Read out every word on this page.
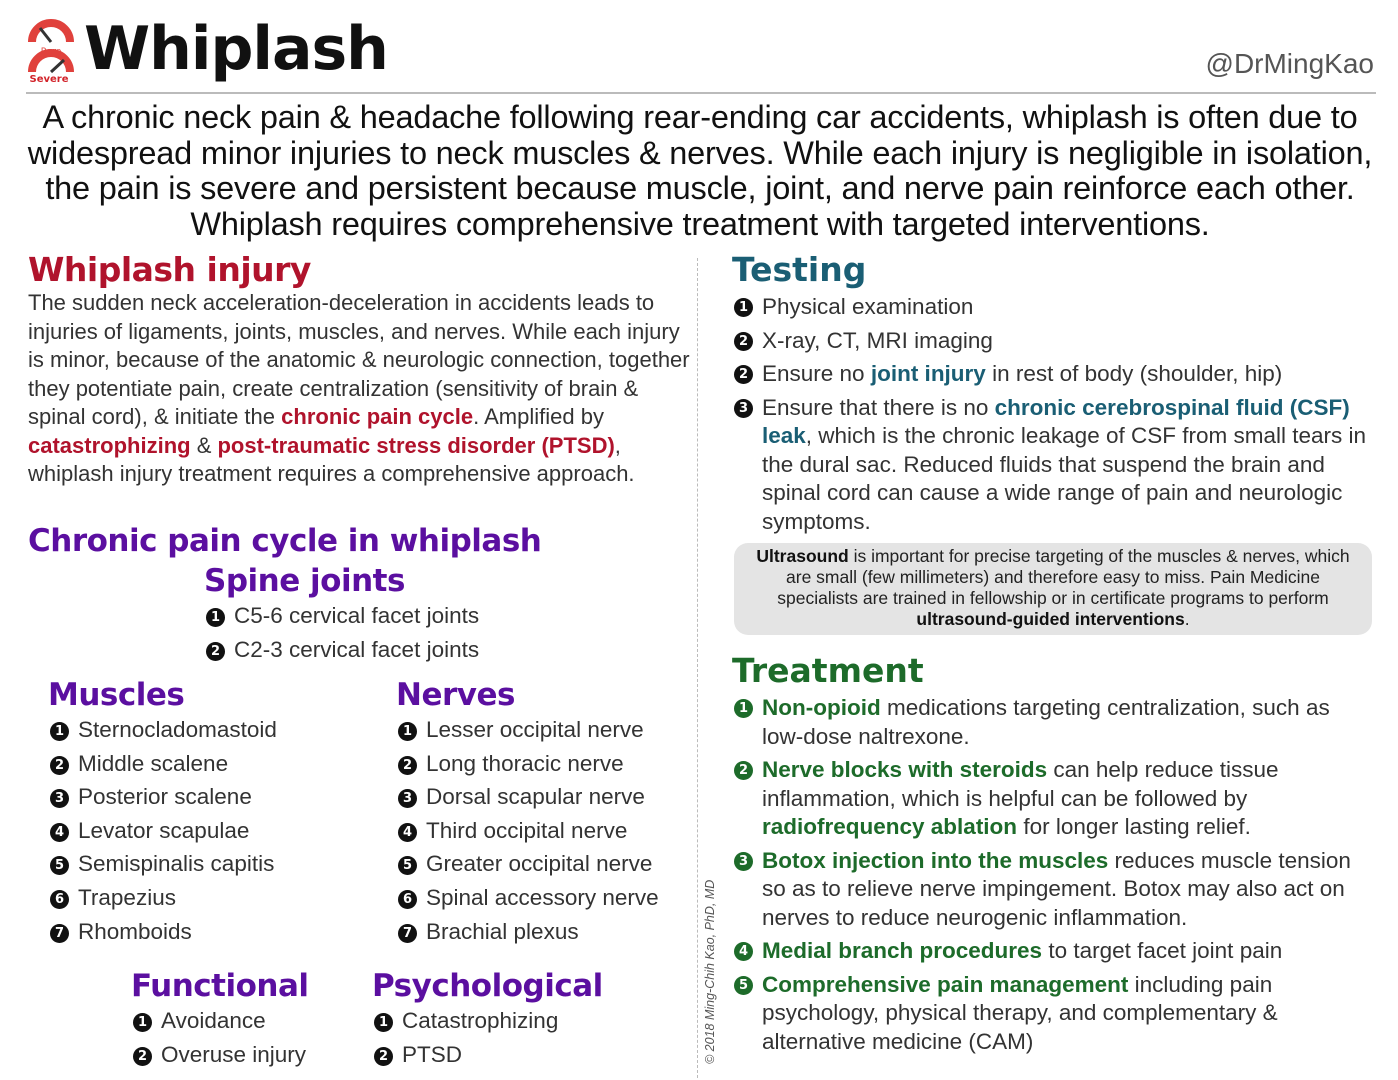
Rare
Severe Whiplash	@DrMingKao
A chronic neck pain & headache following rear-ending car accidents, whiplash is often due to widespread minor injuries to neck muscles & nerves. While each injury is negligible in isolation, the pain is severe and persistent because muscle, joint, and nerve pain reinforce each other. Whiplash requires comprehensive treatment with targeted interventions.
Whiplash injury
The sudden neck acceleration-deceleration in accidents leads to injuries of ligaments, joints, muscles, and nerves. While each injury is minor, because of the anatomic & neurologic connection, together they potentiate pain, create centralization (sensitivity of brain & spinal cord), & initiate the chronic pain cycle. Amplified by catastrophizing & post-traumatic stress disorder (PTSD), whiplash injury treatment requires a comprehensive approach.
Chronic pain cycle in whiplash
Spine joints
1 C5-6 cervical facet joints
2 C2-3 cervical facet joints
Muscles
1 Sternocladomastoid
2 Middle scalene
3 Posterior scalene
4 Levator scapulae
5 Semispinalis capitis
6 Trapezius
7 Rhomboids
Nerves
1 Lesser occipital nerve
2 Long thoracic nerve
3 Dorsal scapular nerve
4 Third occipital nerve
5 Greater occipital nerve
6 Spinal accessory nerve
7 Brachial plexus
Functional
1 Avoidance
2 Overuse injury
Psychological
1 Catastrophizing
2 PTSD	© 2018 Ming-Chih Kao, PhD, MD
Testing
1 Physical examination
2 X-ray, CT, MRI imaging
2 Ensure no joint injury in rest of body (shoulder, hip)
3 Ensure that there is no chronic cerebrospinal fluid (CSF) leak, which is the chronic leakage of CSF from small tears in the dural sac. Reduced fluids that suspend the brain and spinal cord can cause a wide range of pain and neurologic symptoms.
Ultrasound is important for precise targeting of the muscles & nerves, which are small (few millimeters) and therefore easy to miss. Pain Medicine specialists are trained in fellowship or in certificate programs to perform ultrasound-guided interventions.
Treatment
1 Non-opioid medications targeting centralization, such as low-dose naltrexone.
2 Nerve blocks with steroids can help reduce tissue inflammation, which is helpful can be followed by radiofrequency ablation for longer lasting relief.
3 Botox injection into the muscles reduces muscle tension so as to relieve nerve impingement. Botox may also act on nerves to reduce neurogenic inflammation.
4 Medial branch procedures to target facet joint pain
5 Comprehensive pain management including pain psychology, physical therapy, and complementary & alternative medicine (CAM)
